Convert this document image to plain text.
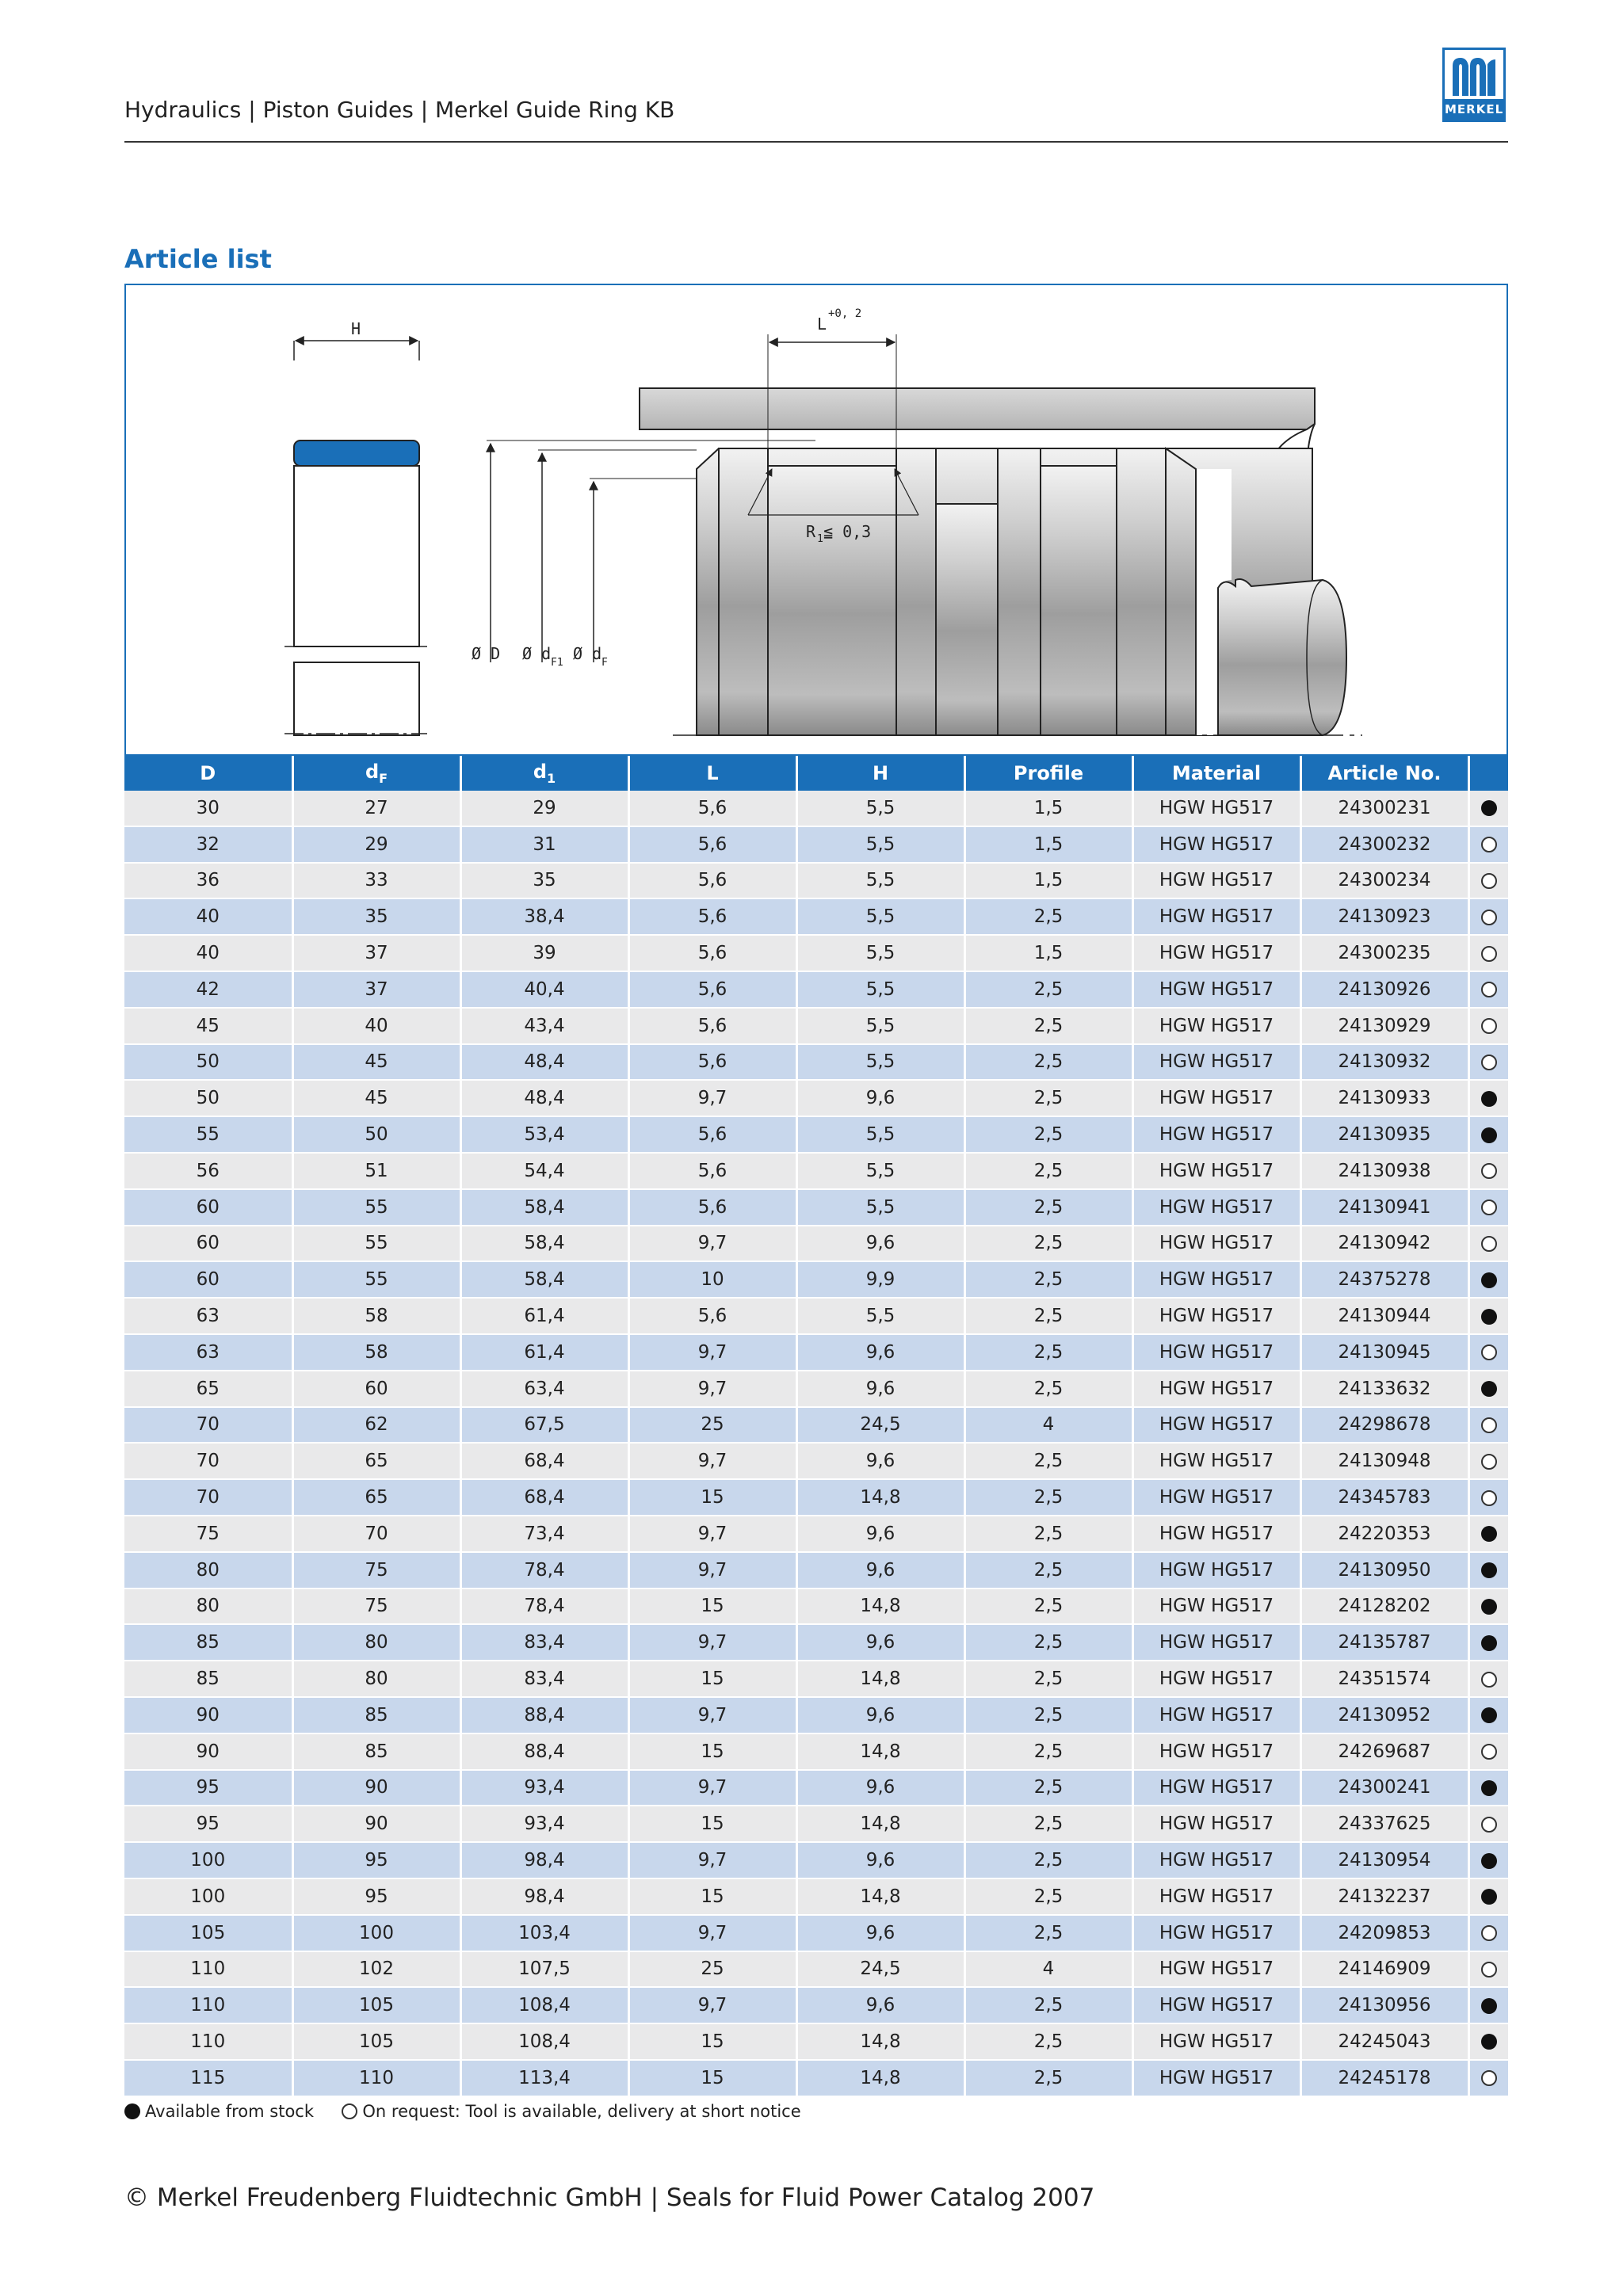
Hydraulics | Piston Guides | Merkel Guide Ring KB	MERKEL
Article list
H
Ø D Ø d F1 Ø d F
L
+0, 2
R 1 ≦ 0,3
D	$d_F$	$d_1$	L	H	Profile	Material	Article No.	
30	27	29	5,6	5,5	1,5	HGW HG517	24300231	
32	29	31	5,6	5,5	1,5	HGW HG517	24300232	
36	33	35	5,6	5,5	1,5	HGW HG517	24300234	
40	35	38,4	5,6	5,5	2,5	HGW HG517	24130923	
40	37	39	5,6	5,5	1,5	HGW HG517	24300235	
42	37	40,4	5,6	5,5	2,5	HGW HG517	24130926	
45	40	43,4	5,6	5,5	2,5	HGW HG517	24130929	
50	45	48,4	5,6	5,5	2,5	HGW HG517	24130932	
50	45	48,4	9,7	9,6	2,5	HGW HG517	24130933	
55	50	53,4	5,6	5,5	2,5	HGW HG517	24130935	
56	51	54,4	5,6	5,5	2,5	HGW HG517	24130938	
60	55	58,4	5,6	5,5	2,5	HGW HG517	24130941	
60	55	58,4	9,7	9,6	2,5	HGW HG517	24130942	
60	55	58,4	10	9,9	2,5	HGW HG517	24375278	
63	58	61,4	5,6	5,5	2,5	HGW HG517	24130944	
63	58	61,4	9,7	9,6	2,5	HGW HG517	24130945	
65	60	63,4	9,7	9,6	2,5	HGW HG517	24133632	
70	62	67,5	25	24,5	4	HGW HG517	24298678	
70	65	68,4	9,7	9,6	2,5	HGW HG517	24130948	
70	65	68,4	15	14,8	2,5	HGW HG517	24345783	
75	70	73,4	9,7	9,6	2,5	HGW HG517	24220353	
80	75	78,4	9,7	9,6	2,5	HGW HG517	24130950	
80	75	78,4	15	14,8	2,5	HGW HG517	24128202	
85	80	83,4	9,7	9,6	2,5	HGW HG517	24135787	
85	80	83,4	15	14,8	2,5	HGW HG517	24351574	
90	85	88,4	9,7	9,6	2,5	HGW HG517	24130952	
90	85	88,4	15	14,8	2,5	HGW HG517	24269687	
95	90	93,4	9,7	9,6	2,5	HGW HG517	24300241	
95	90	93,4	15	14,8	2,5	HGW HG517	24337625	
100	95	98,4	9,7	9,6	2,5	HGW HG517	24130954	
100	95	98,4	15	14,8	2,5	HGW HG517	24132237	
105	100	103,4	9,7	9,6	2,5	HGW HG517	24209853	
110	102	107,5	25	24,5	4	HGW HG517	24146909	
110	105	108,4	9,7	9,6	2,5	HGW HG517	24130956	
110	105	108,4	15	14,8	2,5	HGW HG517	24245043	
115	110	113,4	15	14,8	2,5	HGW HG517	24245178	
Available from stock	On request: Tool is available, delivery at short notice
© Merkel Freudenberg Fluidtechnic GmbH | Seals for Fluid Power Catalog 2007
